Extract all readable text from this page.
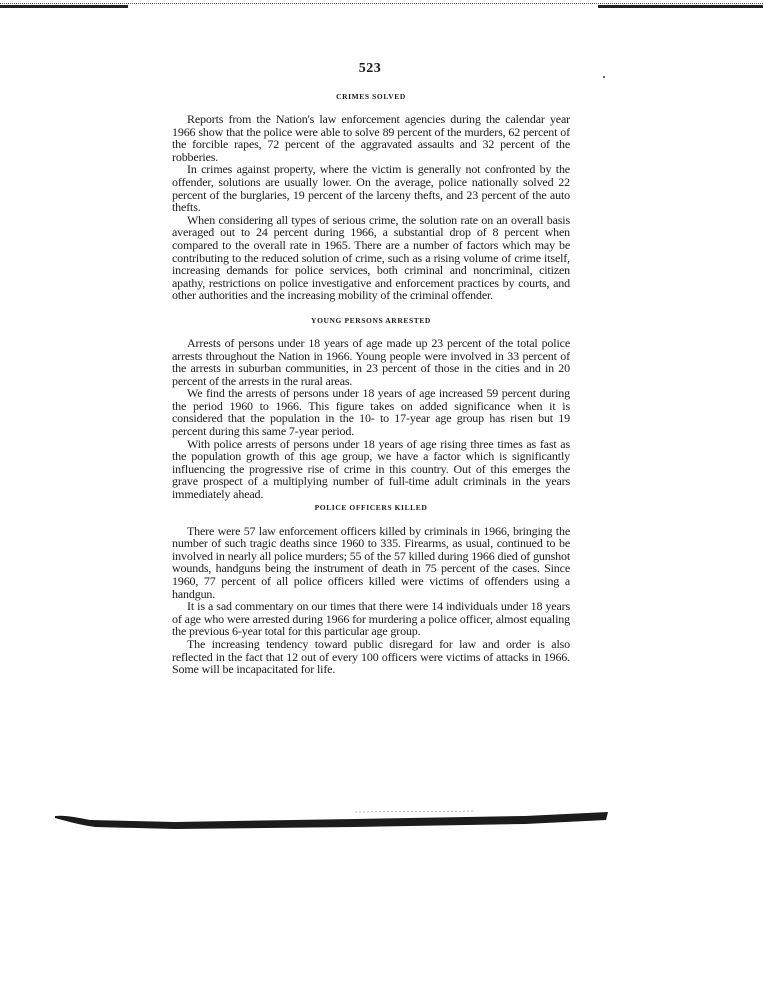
523
CRIMES SOLVED

Reports from the Nation's law enforcement agencies during the calendar year 1966 show that the police were able to solve 89 percent of the murders, 62 percent of the forcible rapes, 72 percent of the aggravated assaults and 32 percent of the robberies.

In crimes against property, where the victim is generally not confronted by the offender, solutions are usually lower. On the average, police nationally solved 22 percent of the burglaries, 19 percent of the larceny thefts, and 23 percent of the auto thefts.

When considering all types of serious crime, the solution rate on an overall basis averaged out to 24 percent during 1966, a substantial drop of 8 percent when compared to the overall rate in 1965. There are a number of factors which may be contributing to the reduced solution of crime, such as a rising volume of crime itself, increasing demands for police services, both criminal and noncriminal, citizen apathy, restrictions on police investigative and enforcement practices by courts, and other authorities and the increasing mobility of the criminal offender.

YOUNG PERSONS ARRESTED

Arrests of persons under 18 years of age made up 23 percent of the total police arrests throughout the Nation in 1966. Young people were involved in 33 percent of the arrests in suburban communities, in 23 percent of those in the cities and in 20 percent of the arrests in the rural areas.

We find the arrests of persons under 18 years of age increased 59 percent during the period 1960 to 1966. This figure takes on added significance when it is considered that the population in the 10- to 17-year age group has risen but 19 percent during this same 7-year period.

With police arrests of persons under 18 years of age rising three times as fast as the population growth of this age group, we have a factor which is significantly influencing the progressive rise of crime in this country. Out of this emerges the grave prospect of a multiplying number of full-time adult criminals in the years immediately ahead.

POLICE OFFICERS KILLED

There were 57 law enforcement officers killed by criminals in 1966, bringing the number of such tragic deaths since 1960 to 335. Firearms, as usual, continued to be involved in nearly all police murders; 55 of the 57 killed during 1966 died of gunshot wounds, handguns being the instrument of death in 75 percent of the cases. Since 1960, 77 percent of all police officers killed were victims of offenders using a handgun.

It is a sad commentary on our times that there were 14 individuals under 18 years of age who were arrested during 1966 for murdering a police officer, almost equaling the previous 6-year total for this particular age group.

The increasing tendency toward public disregard for law and order is also reflected in the fact that 12 out of every 100 officers were victims of attacks in 1966. Some will be incapacitated for life.
